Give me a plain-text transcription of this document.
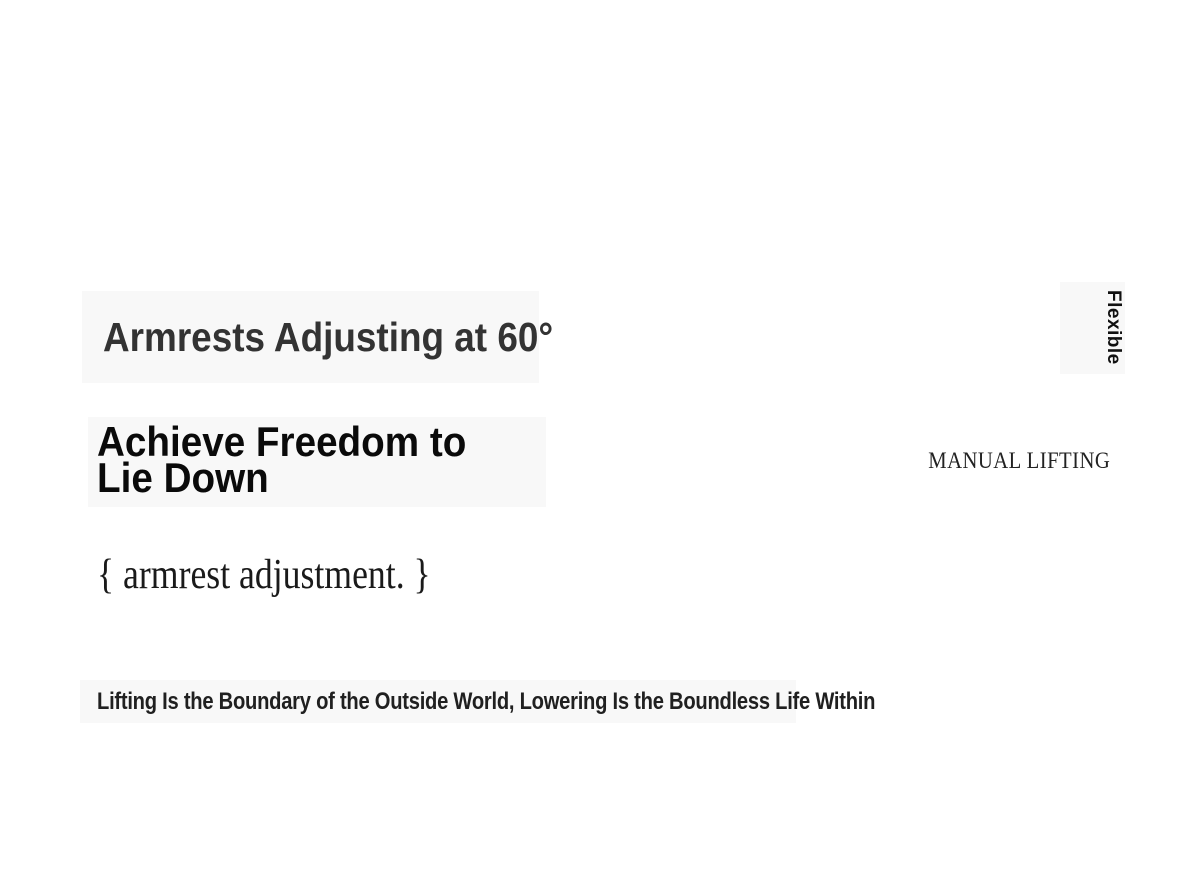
Armrests Adjusting at 60°
Achieve Freedom to
Lie Down
{ armrest adjustment. }
MANUAL LIFTING
Flexible
Lifting Is the Boundary of the Outside World, Lowering Is the Boundless Life Within
